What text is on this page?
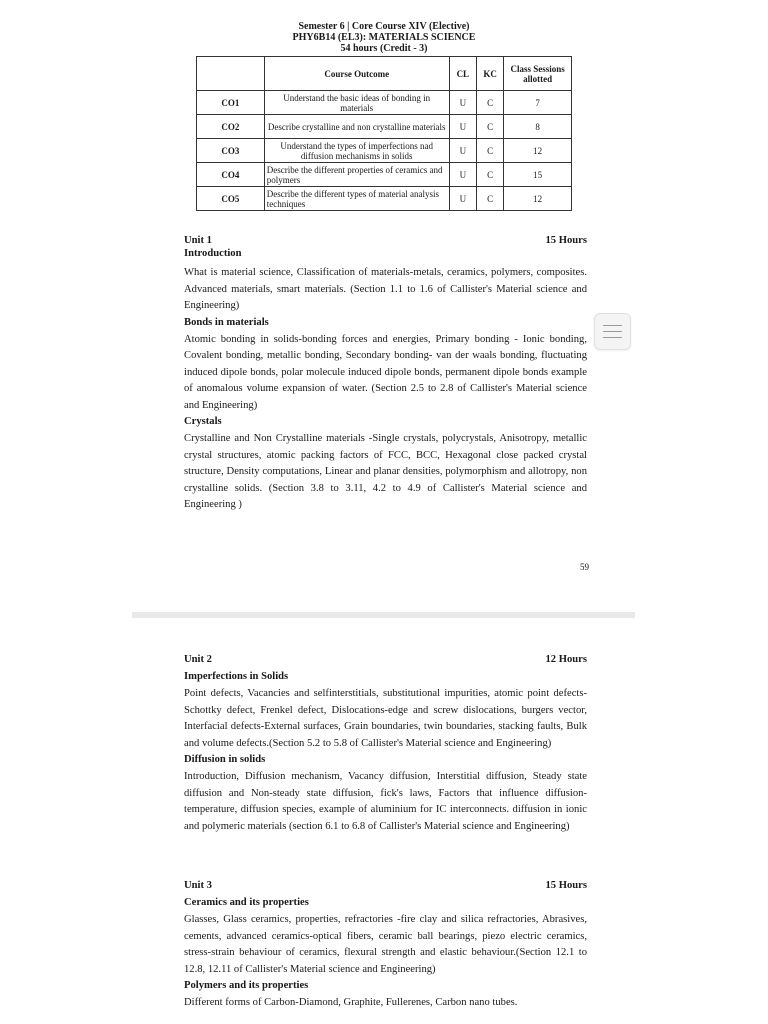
Semester 6 | Core Course XIV (Elective)
PHY6B14 (EL3): MATERIALS SCIENCE
54 hours (Credit - 3)
	Course Outcome	CL	KC	Class Sessions allotted
CO1	Understand the basic ideas of bonding in materials	U	C	7
CO2	Describe crystalline and non crystalline materials	U	C	8
CO3	Understand the types of imperfections nad diffusion mechanisms in solids	U	C	12
CO4	Describe the different properties of ceramics and polymers	U	C	15
CO5	Describe the different types of material analysis techniques	U	C	12
Unit 1	15 Hours
Introduction
What is material science, Classification of materials-metals, ceramics, polymers, composites. Advanced materials, smart materials. (Section 1.1 to 1.6 of Callister's Material science and Engineering)
Bonds in materials
Atomic bonding in solids-bonding forces and energies, Primary bonding - Ionic bonding, Covalent bonding, metallic bonding, Secondary bonding- van der waals bonding, fluctuating induced dipole bonds, polar molecule induced dipole bonds, permanent dipole bonds example of anomalous volume expansion of water. (Section 2.5 to 2.8 of Callister's Material science and Engineering)
Crystals
Crystalline and Non Crystalline materials -Single crystals, polycrystals, Anisotropy, metallic crystal structures, atomic packing factors of FCC, BCC, Hexagonal close packed crystal structure, Density computations, Linear and planar densities, polymorphism and allotropy, non crystalline solids. (Section 3.8 to 3.11, 4.2 to 4.9 of Callister's Material science and Engineering )
59
Unit 2	12 Hours
Imperfections in Solids
Point defects, Vacancies and selfinterstitials, substitutional impurities, atomic point defects-Schottky defect, Frenkel defect, Dislocations-edge and screw dislocations, burgers vector, Interfacial defects-External surfaces, Grain boundaries, twin boundaries, stacking faults, Bulk and volume defects.(Section 5.2 to 5.8 of Callister's Material science and Engineering)
Diffusion in solids
Introduction, Diffusion mechanism, Vacancy diffusion, Interstitial diffusion, Steady state diffusion and Non-steady state diffusion, fick's laws, Factors that influence diffusion-temperature, diffusion species, example of aluminium for IC interconnects. diffusion in ionic and polymeric materials (section 6.1 to 6.8 of Callister's Material science and Engineering)
Unit 3	15 Hours
Ceramics and its properties
Glasses, Glass ceramics, properties, refractories -fire clay and silica refractories, Abrasives, cements, advanced ceramics-optical fibers, ceramic ball bearings, piezo electric ceramics, stress-strain behaviour of ceramics, flexural strength and elastic behaviour.(Section 12.1 to 12.8, 12.11 of Callister's Material science and Engineering)
Polymers and its properties
Different forms of Carbon-Diamond, Graphite, Fullerenes, Carbon nano tubes.
